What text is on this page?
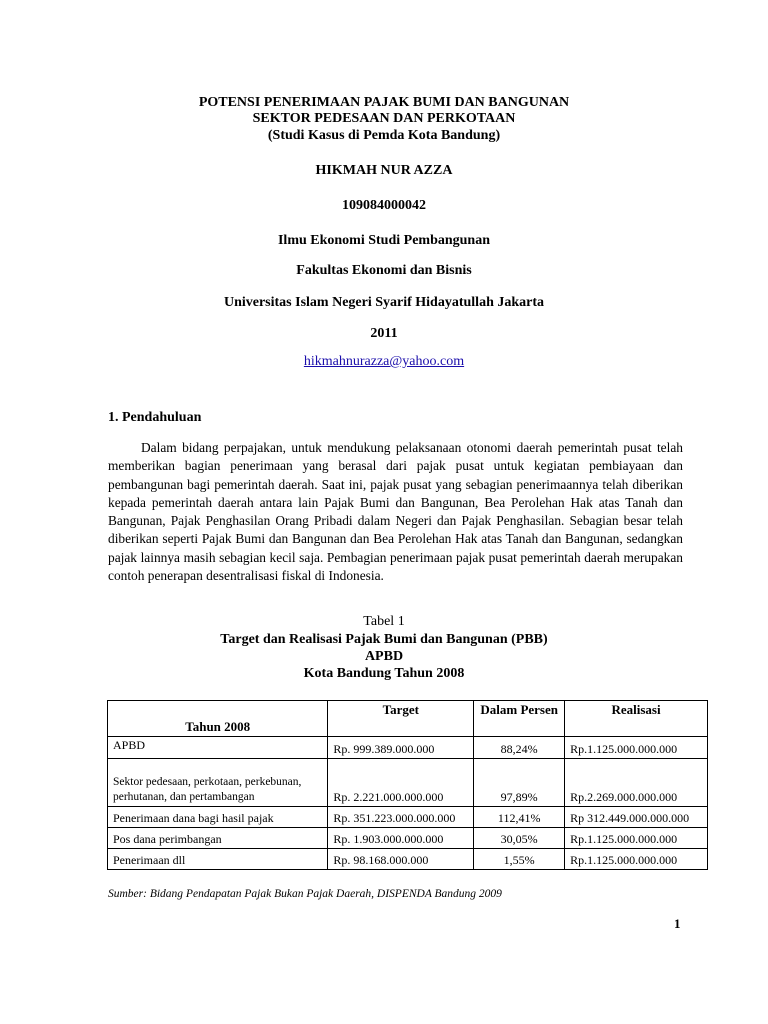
POTENSI PENERIMAAN PAJAK BUMI DAN BANGUNAN
SEKTOR PEDESAAN DAN PERKOTAAN
(Studi Kasus di Pemda Kota Bandung)
HIKMAH NUR AZZA
109084000042
Ilmu Ekonomi Studi Pembangunan
Fakultas Ekonomi dan Bisnis
Universitas Islam Negeri Syarif Hidayatullah Jakarta
2011
hikmahnurazza@yahoo.com
1. Pendahuluan
Dalam bidang perpajakan, untuk mendukung pelaksanaan otonomi daerah pemerintah pusat telah memberikan bagian penerimaan yang berasal dari pajak pusat untuk kegiatan pembiayaan dan pembangunan bagi pemerintah daerah. Saat ini, pajak pusat yang sebagian penerimaannya telah diberikan kepada pemerintah daerah antara lain Pajak Bumi dan Bangunan, Bea Perolehan Hak atas Tanah dan Bangunan, Pajak Penghasilan Orang Pribadi dalam Negeri dan Pajak Penghasilan. Sebagian besar telah diberikan seperti Pajak Bumi dan Bangunan dan Bea Perolehan Hak atas Tanah dan Bangunan, sedangkan pajak lainnya masih sebagian kecil saja. Pembagian penerimaan pajak pusat pemerintah daerah merupakan contoh penerapan desentralisasi fiskal di Indonesia.
Tabel 1
Target dan Realisasi Pajak Bumi dan Bangunan (PBB)
APBD
Kota Bandung Tahun 2008
Tahun 2008	Target	Dalam Persen	Realisasi
APBD	Rp. 999.389.000.000	88,24%	Rp.1.125.000.000.000
Sektor pedesaan, perkotaan, perkebunan, perhutanan, dan pertambangan	Rp. 2.221.000.000.000	97,89%	Rp.2.269.000.000.000
Penerimaan dana bagi hasil pajak	Rp. 351.223.000.000.000	112,41%	Rp 312.449.000.000.000
Pos dana perimbangan	Rp. 1.903.000.000.000	30,05%	Rp.1.125.000.000.000
Penerimaan dll	Rp. 98.168.000.000	1,55%	Rp.1.125.000.000.000
Sumber: Bidang Pendapatan Pajak Bukan Pajak Daerah, DISPENDA Bandung 2009
1
